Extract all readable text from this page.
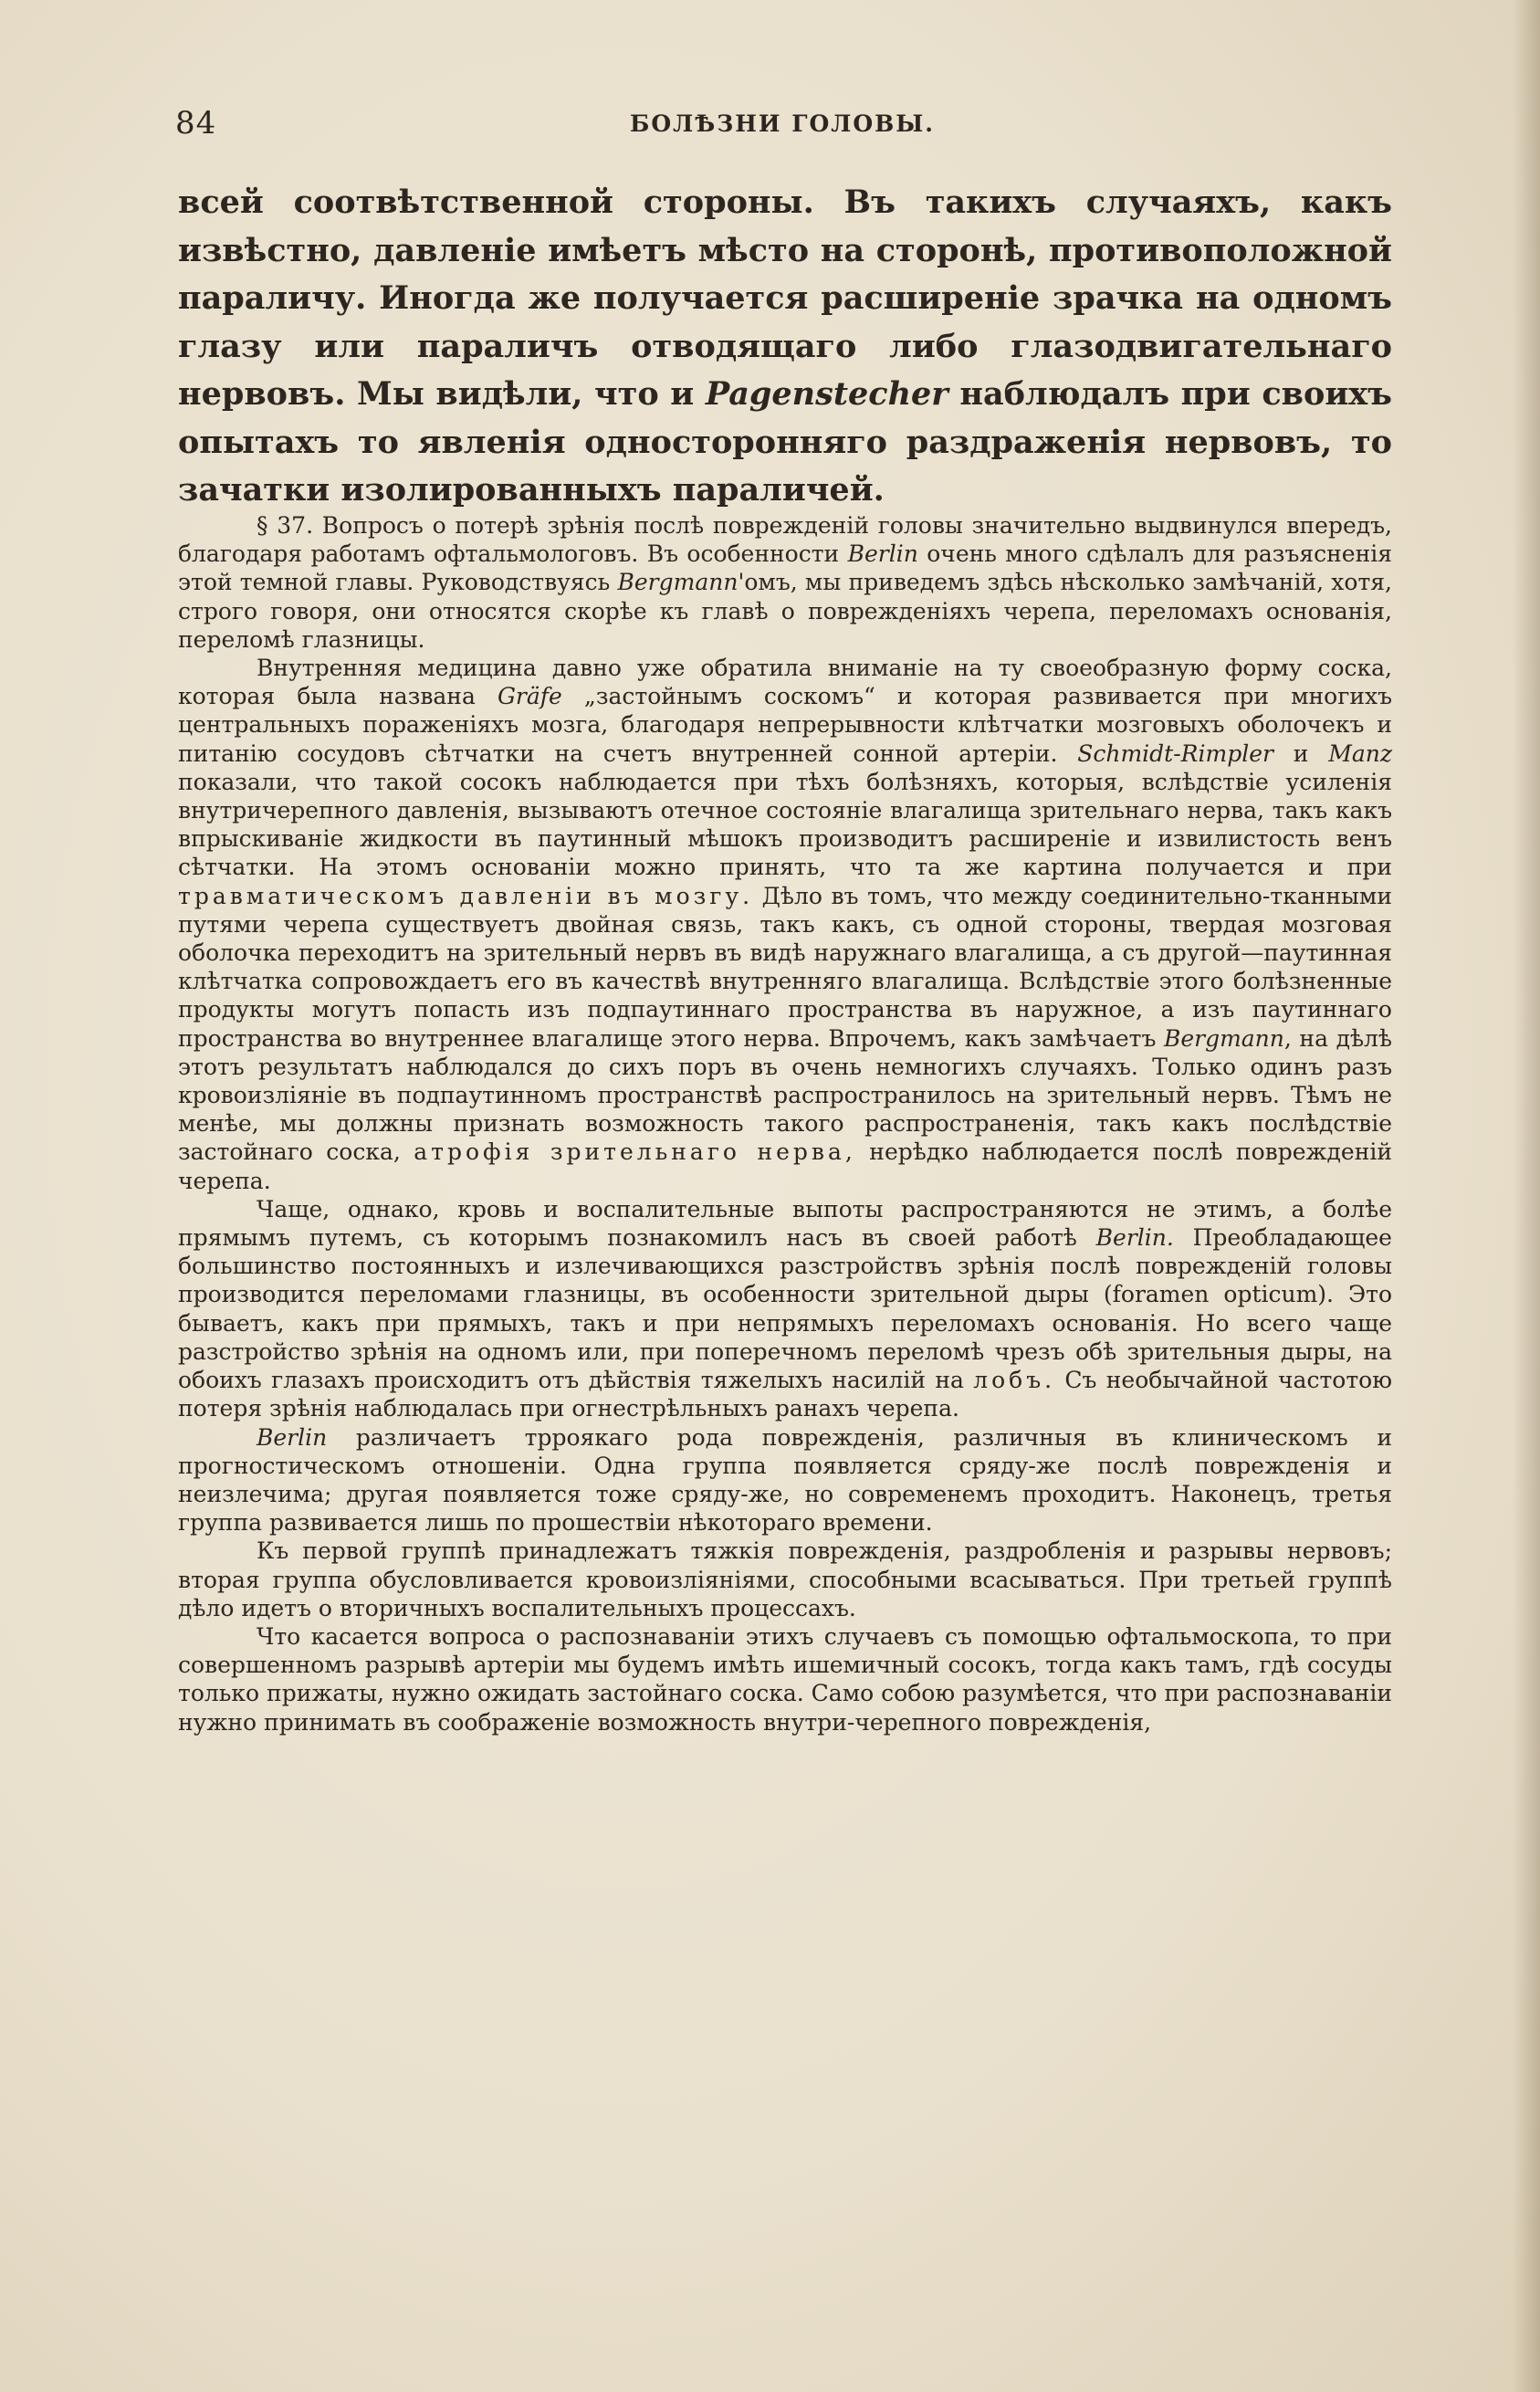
84	БОЛѢЗНИ ГОЛОВЫ.

всей соотвѣтственной стороны. Въ такихъ случаяхъ, какъ извѣстно, давленіе имѣетъ мѣсто на сторонѣ, противоположной параличу. Иногда же получается расширеніе зрачка на одномъ глазу или параличъ отводящаго либо глазодвигательнаго нервовъ. Мы видѣли, что и Pagenstecher наблюдалъ при своихъ опытахъ то явленія односторонняго раздраженія нервовъ, то зачатки изолированныхъ параличей.

§ 37. Вопросъ о потерѣ зрѣнія послѣ поврежденій головы значительно выдвинулся впередъ, благодаря работамъ офтальмологовъ. Въ особенности Berlin очень много сдѣлалъ для разъясненія этой темной главы. Руководствуясь Bergmann'омъ, мы приведемъ здѣсь нѣсколько замѣчаній, хотя, строго говоря, они относятся скорѣе къ главѣ о поврежденіяхъ черепа, переломахъ основанія, переломѣ глазницы.

Внутренняя медицина давно уже обратила вниманіе на ту своеобразную форму соска, которая была названа Gräfe „застойнымъ соскомъ“ и которая развивается при многихъ центральныхъ пораженіяхъ мозга, благодаря непрерывности клѣтчатки мозговыхъ оболочекъ и питанію сосудовъ сѣтчатки на счетъ внутренней сонной артеріи. Schmidt-Rimpler и Manz показали, что такой сосокъ наблюдается при тѣхъ болѣзняхъ, которыя, вслѣдствіе усиленія внутричерепного давленія, вызываютъ отечное состояніе влагалища зрительнаго нерва, такъ какъ впрыскиваніе жидкости въ паутинный мѣшокъ производитъ расширеніе и извилистость венъ сѣтчатки. На этомъ основаніи можно принять, что та же картина получается и при травматическомъ давленіи въ мозгу. Дѣло въ томъ, что между соединительно-тканными путями черепа существуетъ двойная связь, такъ какъ, съ одной стороны, твердая мозговая оболочка переходитъ на зрительный нервъ въ видѣ наружнаго влагалища, а съ другой—паутинная клѣтчатка сопровождаетъ его въ качествѣ внутренняго влагалища. Вслѣдствіе этого болѣзненные продукты могутъ попасть изъ подпаутиннаго пространства въ наружное, а изъ паутиннаго пространства во внутреннее влагалище этого нерва. Впрочемъ, какъ замѣчаетъ Bergmann, на дѣлѣ этотъ результатъ наблюдался до сихъ поръ въ очень немногихъ случаяхъ. Только одинъ разъ кровоизліяніе въ подпаутинномъ пространствѣ распространилось на зрительный нервъ. Тѣмъ не менѣе, мы должны признать возможность такого распространенія, такъ какъ послѣдствіе застойнаго соска, атрофія зрительнаго нерва, нерѣдко наблюдается послѣ поврежденій черепа.

Чаще, однако, кровь и воспалительные выпоты распространяются не этимъ, а болѣе прямымъ путемъ, съ которымъ познакомилъ насъ въ своей работѣ Berlin. Преобладающее большинство постоянныхъ и излечивающихся разстройствъ зрѣнія послѣ поврежденій головы производится переломами глазницы, въ особенности зрительной дыры (foramen opticum). Это бываетъ, какъ при прямыхъ, такъ и при непрямыхъ переломахъ основанія. Но всего чаще разстройство зрѣнія на одномъ или, при поперечномъ переломѣ чрезъ обѣ зрительныя дыры, на обоихъ глазахъ происходитъ отъ дѣйствія тяжелыхъ насилій на лобъ. Съ необычайной частотою потеря зрѣнія наблюдалась при огнестрѣльныхъ ранахъ черепа.

Berlin различаетъ трроякаго рода поврежденія, различныя въ клиническомъ и прогностическомъ отношеніи. Одна группа появляется сряду-же послѣ поврежденія и неизлечима; другая появляется тоже сряду-же, но современемъ проходитъ. Наконецъ, третья группа развивается лишь по прошествіи нѣкотораго времени.

Къ первой группѣ принадлежатъ тяжкія поврежденія, раздробленія и разрывы нервовъ; вторая группа обусловливается кровоизліяніями, способными всасываться. При третьей группѣ дѣло идетъ о вторичныхъ воспалительныхъ процессахъ.

Что касается вопроса о распознаваніи этихъ случаевъ съ помощью офтальмоскопа, то при совершенномъ разрывѣ артеріи мы будемъ имѣть ишемичный сосокъ, тогда какъ тамъ, гдѣ сосуды только прижаты, нужно ожидать застойнаго соска. Само собою разумѣется, что при распознаваніи нужно принимать въ соображеніе возможность внутри-черепного поврежденія,
